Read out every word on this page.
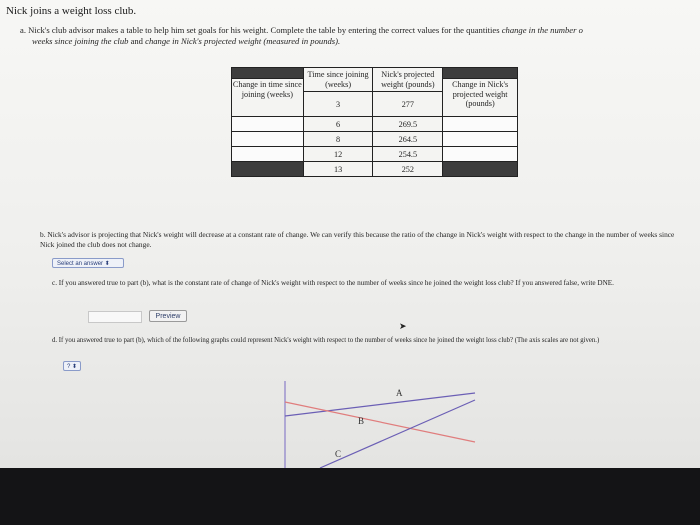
Nick joins a weight loss club.
a. Nick's club advisor makes a table to help him set goals for his weight. Complete the table by entering the correct values for the quantities change in the number o
weeks since joining the club and change in Nick's projected weight (measured in pounds).
	Time since joining (weeks)	Nick's projected weight (pounds)	
Change in time since joining (weeks)			Change in Nick's projected weight (pounds)
	3	277	
	6	269.5	
	8	264.5	
	12	254.5	
	13	252	
b. Nick's advisor is projecting that Nick's weight will decrease at a constant rate of change. We can verify this because the ratio of the change in Nick's weight with respect to the change in the number of weeks since Nick joined the club does not change.
Select an answer ⬍
c. If you answered true to part (b), what is the constant rate of change of Nick's weight with respect to the number of weeks since he joined the weight loss club? If you answered false, write DNE.
Preview
➤
d. If you answered true to part (b), which of the following graphs could represent Nick's weight with respect to the number of weeks since he joined the weight loss club? (The axis scales are not given.)
? ⬍
A
B
C
